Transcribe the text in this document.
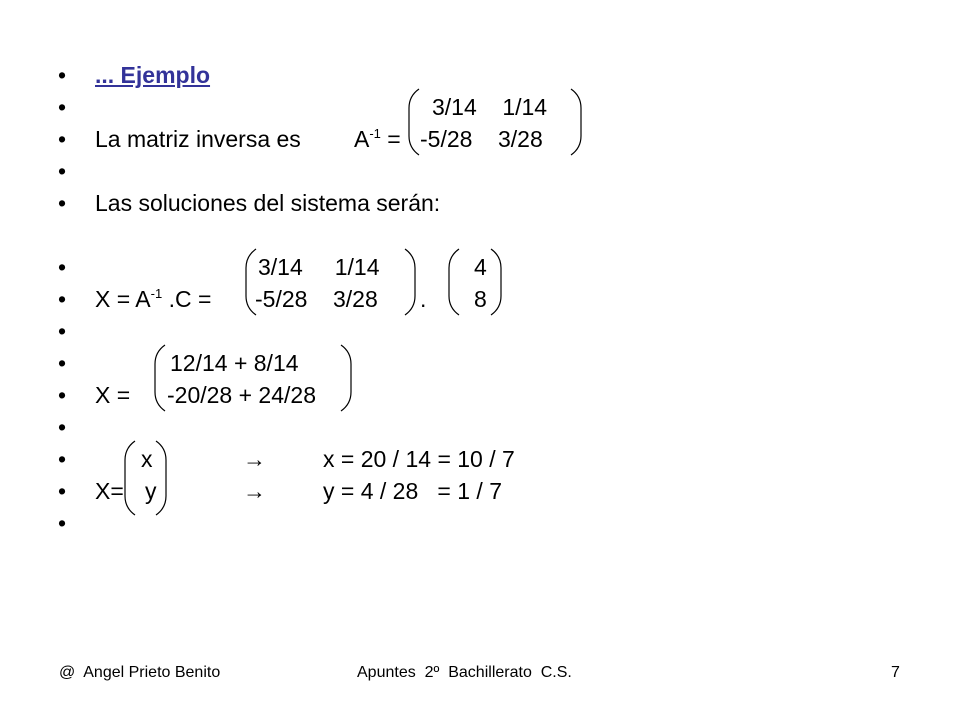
•
•
•
•
•
•
•
•
•
•
•
•
•
•
... Ejemplo
La matriz inversa es $A^{-1}$ =
3/14    1/14
-5/28    3/28
Las soluciones del sistema serán:
$X = A^{-1}$ .C =
3/14     1/14
-5/28    3/28 .
4
8
X =
12/14 + 8/14
-20/28 + 24/28
X=
x
y
→
→
x = 20 / 14 = 10 / 7
y = 4 / 28   = 1 / 7
@  Angel Prieto Benito	Apuntes  2º  Bachillerato  C.S.	7
